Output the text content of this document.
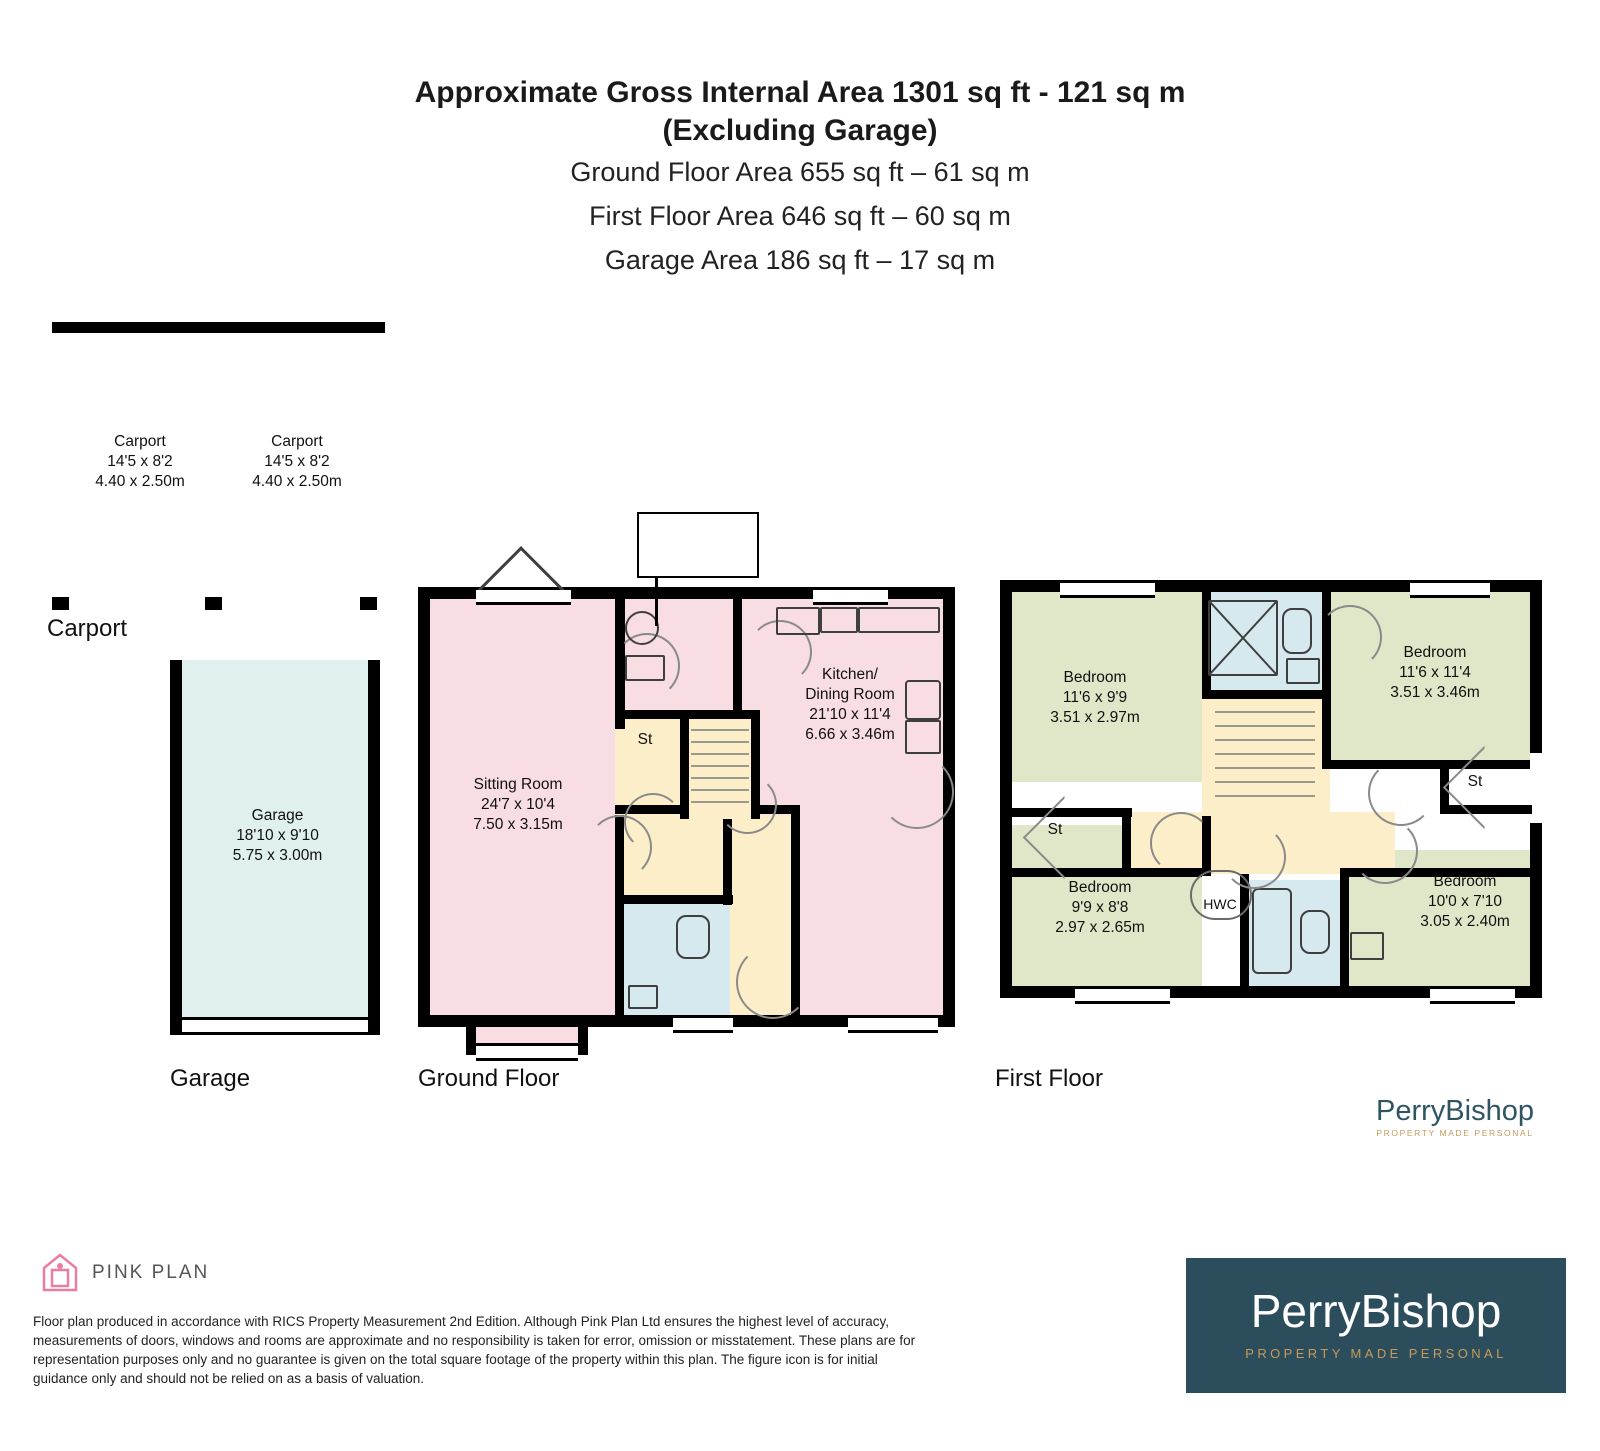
Approximate Gross Internal Area 1301 sq ft - 121 sq m
(Excluding Garage)
Ground Floor Area 655 sq ft – 61 sq m
First Floor Area 646 sq ft – 60 sq m
Garage Area 186 sq ft – 17 sq m
Carport
14'5 x 8'2
4.40 x 2.50m
Carport
14'5 x 8'2
4.40 x 2.50m
Carport
Garage
18'10 x 9'10
5.75 x 3.00m
Garage
Sitting Room
24'7 x 10'4
7.50 x 3.15m
Kitchen/
Dining Room
21'10 x 11'4
6.66 x 3.46m
St
Ground Floor
Bedroom
11'6 x 9'9
3.51 x 2.97m
Bedroom
11'6 x 11'4
3.51 x 3.46m
Bedroom
9'9 x 8'8
2.97 x 2.65m
Bedroom
10'0 x 7'10
3.05 x 2.40m
St
St
HWC
First Floor
PerryBishop
PROPERTY MADE PERSONAL
PINK PLAN
Floor plan produced in accordance with RICS Property Measurement 2nd Edition. Although Pink Plan Ltd ensures the highest level of accuracy, measurements of doors, windows and rooms are approximate and no responsibility is taken for error, omission or misstatement. These plans are for representation purposes only and no guarantee is given on the total square footage of the property within this plan. The figure icon is for initial guidance only and should not be relied on as a basis of valuation.
PerryBishop
PROPERTY MADE PERSONAL
